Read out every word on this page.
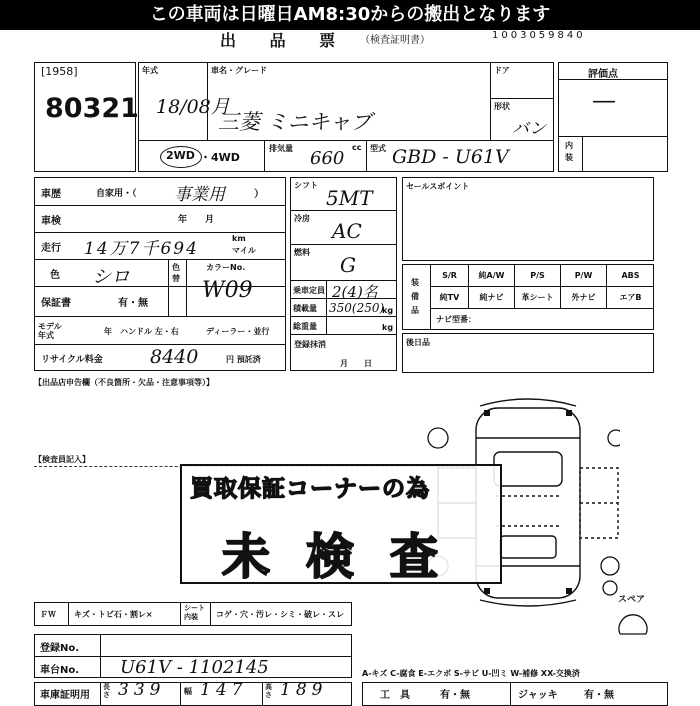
この車両は日曜日AM8:30からの搬出となります
出 品 票 （検査証明書）	1003059840
[1958]
80321
年式
18/08月
車名・グレード
三菱 ミニキャブ
ドア
形状
バン
2WD ・4WD
排気量 660
cc 型式 GBD - U61V
評価点
—
内装
車歴	自家用・（ 事業用	）
車検	年　　月
走行 14万7千694
km
マイル
色 シロ	色替
カラーNo.
W09
保証書	有・無
モデル年式	年 ハンドル 左・右	ディーラー・並行
リサイクル料金 8440	円 預託済
シフト
5MT
冷房
AC
燃料
G
乗車定員 2(4)名
積載量 350(250)
kg
総重量	kg
登録抹消
月　　日
セールスポイント
装備品
S/R	純A/W	P/S	P/W	ABS
純TV	純ナビ	革シート	外ナビ	エアB
ナビ型番：
後日品
【出品店申告欄（不良箇所・欠品・注意事項等）】
【検査員記入】
スペア
買取保証コーナーの為
未検査
ＦＷ キズ・トビ石・割レ×
シート内装	コゲ・穴・汚レ・シミ・破レ・スレ
登録No.
車台No. U61V - 1102145
車庫証明用
長さ 339 幅 147	高さ 189
A-キズ C-腐食 E-エクボ S-サビ U-凹ミ W-補修 XX-交換済
工具 有・無	ジャッキ	有・無
